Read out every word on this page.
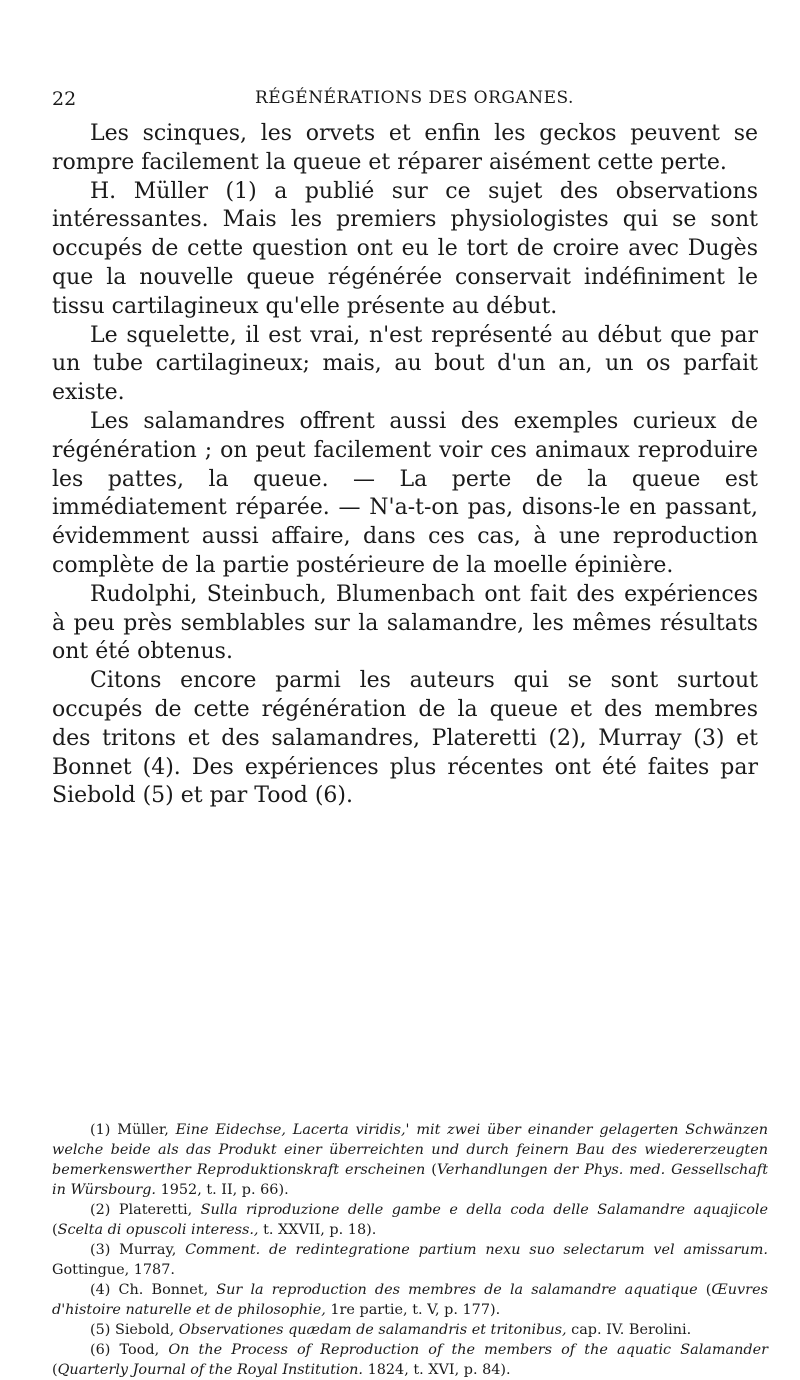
22	RÉGÉNÉRATIONS DES ORGANES.

Les scinques, les orvets et enfin les geckos peuvent se rompre facilement la queue et réparer aisément cette perte.

H. Müller (1) a publié sur ce sujet des observations intéressantes. Mais les premiers physiologistes qui se sont occupés de cette question ont eu le tort de croire avec Dugès que la nouvelle queue régénérée conservait indéfiniment le tissu cartilagineux qu'elle présente au début.

Le squelette, il est vrai, n'est représenté au début que par un tube cartilagineux; mais, au bout d'un an, un os parfait existe.

Les salamandres offrent aussi des exemples curieux de régénération ; on peut facilement voir ces animaux reproduire les pattes, la queue. — La perte de la queue est immédiatement réparée. — N'a-t-on pas, disons-le en passant, évidemment aussi affaire, dans ces cas, à une reproduction complète de la partie postérieure de la moelle épinière.

Rudolphi, Steinbuch, Blumenbach ont fait des expériences à peu près semblables sur la salamandre, les mêmes résultats ont été obtenus.

Citons encore parmi les auteurs qui se sont surtout occupés de cette régénération de la queue et des membres des tritons et des salamandres, Plateretti (2), Murray (3) et Bonnet (4). Des expériences plus récentes ont été faites par Siebold (5) et par Tood (6).

(1) Müller, Eine Eidechse, Lacerta viridis,' mit zwei über einander gelagerten Schwänzen welche beide als das Produkt einer überreichten und durch feinern Bau des wiedererzeugten bemerkenswerther Reproduktionskraft erscheinen (Verhandlungen der Phys. med. Gessellschaft in Würsbourg. 1952, t. II, p. 66).

(2) Plateretti, Sulla riproduzione delle gambe e della coda delle Salamandre aquajicole (Scelta di opuscoli interess., t. XXVII, p. 18).

(3) Murray, Comment. de redintegratione partium nexu suo selectarum vel amissarum. Gottingue, 1787.

(4) Ch. Bonnet, Sur la reproduction des membres de la salamandre aquatique (Œuvres d'histoire naturelle et de philosophie, 1re partie, t. V, p. 177).

(5) Siebold, Observationes quædam de salamandris et tritonibus, cap. IV. Berolini.

(6) Tood, On the Process of Reproduction of the members of the aquatic Salamander (Quarterly Journal of the Royal Institution. 1824, t. XVI, p. 84).
